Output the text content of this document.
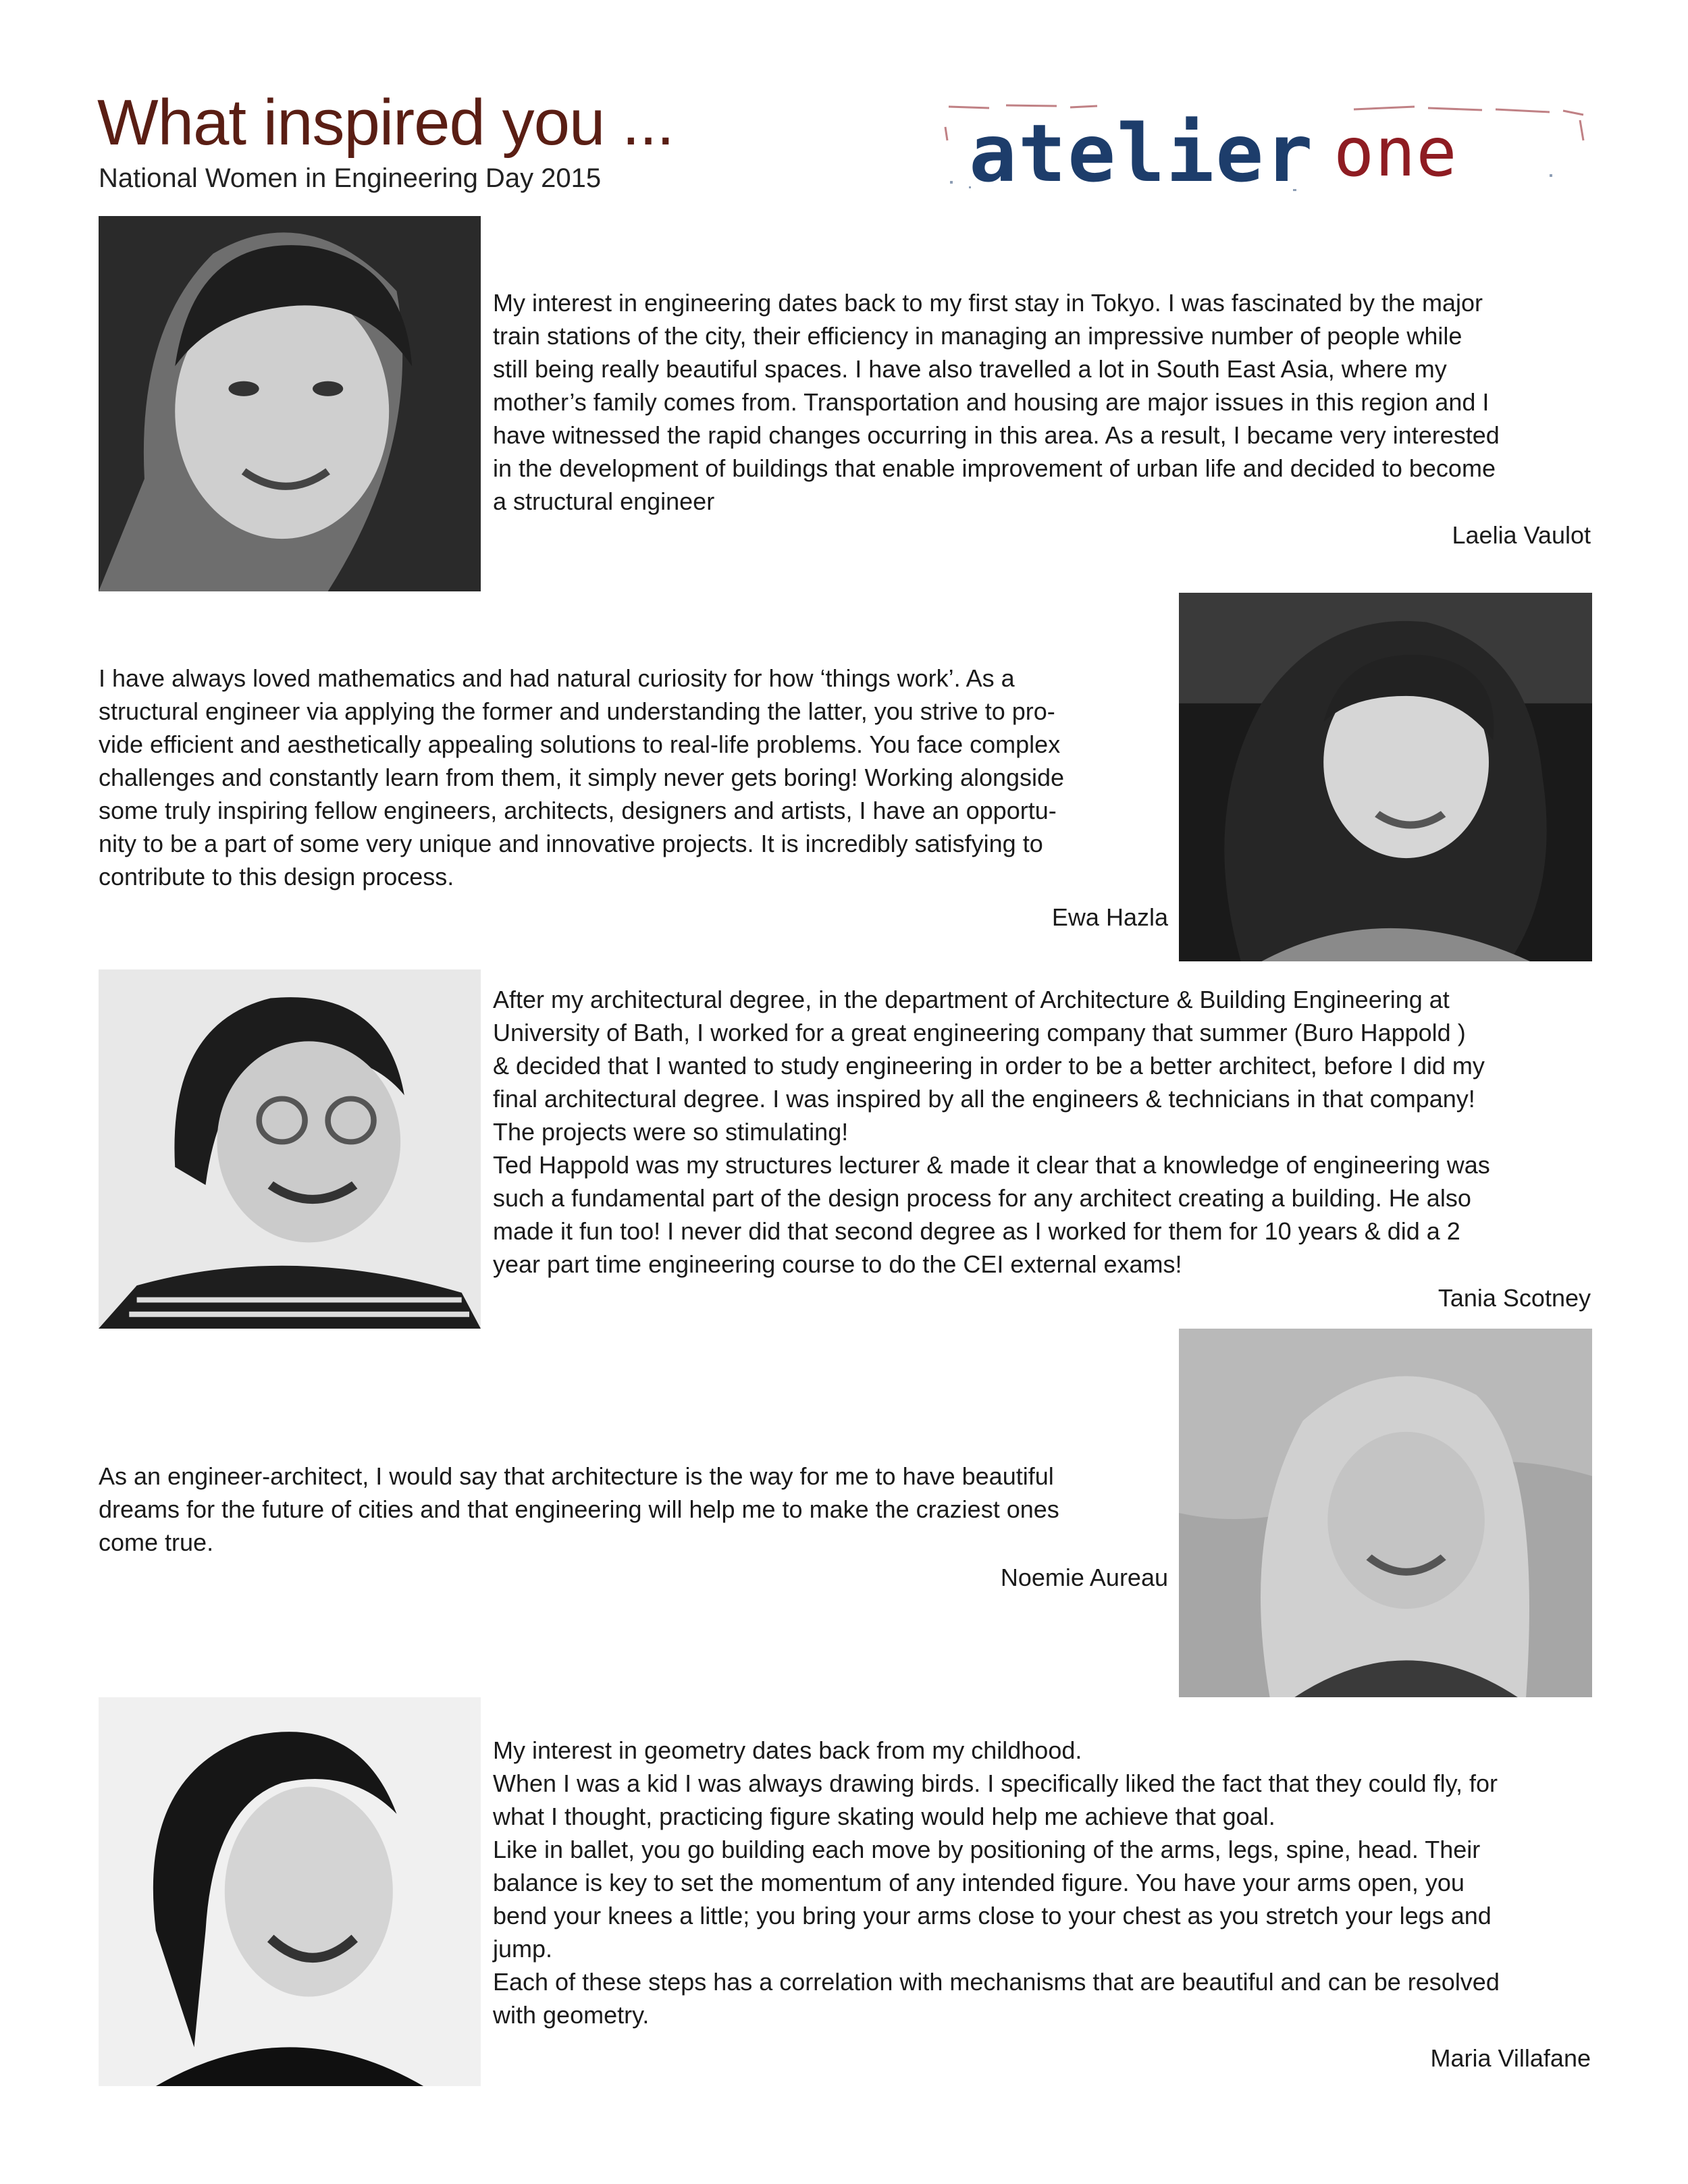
What inspired you ...
National Women in Engineering Day 2015	atelier one

My interest in engineering dates back to my first stay in Tokyo. I was fascinated by the major
train stations of the city, their efficiency in managing an impressive number of people while
still being really beautiful spaces. I have also travelled a lot in South East Asia, where my
mother’s family comes from. Transportation and housing are major issues in this region and I
have witnessed the rapid changes occurring in this area. As a result, I became very interested
in the development of buildings that enable improvement of urban life and decided to become
a structural engineer

Laelia Vaulot

I have always loved mathematics and had natural curiosity for how ‘things work’. As a
structural engineer via applying the former and understanding the latter, you strive to pro-
vide efficient and aesthetically appealing solutions to real-life problems. You face complex
challenges and constantly learn from them, it simply never gets boring! Working alongside
some truly inspiring fellow engineers, architects, designers and artists, I have an opportu-
nity to be a part of some very unique and innovative projects. It is incredibly satisfying to
contribute to this design process.

Ewa Hazla

After my architectural degree, in the department of Architecture & Building Engineering at
University of Bath, I worked for a great engineering company that summer (Buro Happold )
& decided that I wanted to study engineering in order to be a better architect, before I did my
final architectural degree. I was inspired by all the engineers & technicians in that company!
The projects were so stimulating!
Ted Happold was my structures lecturer & made it clear that a knowledge of engineering was
such a fundamental part of the design process for any architect creating a building. He also
made it fun too! I never did that second degree as I worked for them for 10 years & did a 2
year part time engineering course to do the CEI external exams!

Tania Scotney

As an engineer-architect, I would say that architecture is the way for me to have beautiful
dreams for the future of cities and that engineering will help me to make the craziest ones
come true.

Noemie Aureau

My interest in geometry dates back from my childhood.
When I was a kid I was always drawing birds. I specifically liked the fact that they could fly, for
what I thought, practicing figure skating would help me achieve that goal.
Like in ballet, you go building each move by positioning of the arms, legs, spine, head. Their
balance is key to set the momentum of any intended figure. You have your arms open, you
bend your knees a little; you bring your arms close to your chest as you stretch your legs and
jump.
Each of these steps has a correlation with mechanisms that are beautiful and can be resolved
with geometry.

Maria Villafane
